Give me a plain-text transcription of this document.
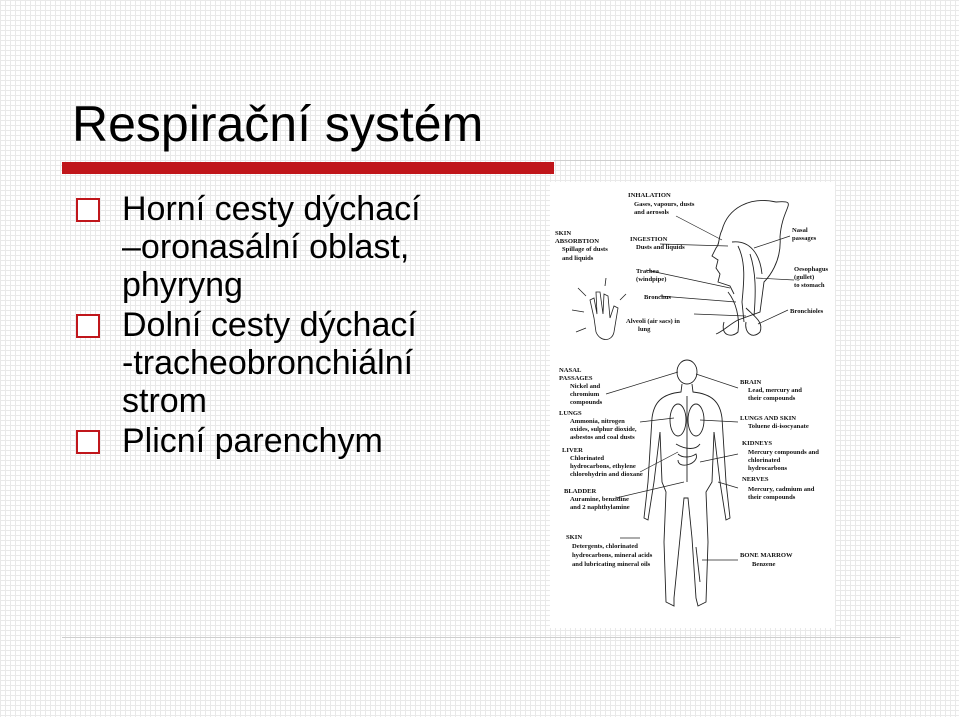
Respirační systém
Horní cesty dýchací
–oronasální oblast,
phyryng
Dolní cesty dýchací
-tracheobronchiální
strom
Plicní parenchym
INHALATION
Gases, vapours, dusts
and aerosols
SKIN
ABSORBTION
Spillage of dusts
and liquids
INGESTION
Dusts and liquids
Trachea
(windpipe)
Bronchus
Alveoli (air sacs) in
lung
Nasal
passages
Oesophagus
(gullet)
to stomach
Bronchioles
NASAL
PASSAGES
Nickel and
chromium
compounds
LUNGS
Ammonia, nitrogen
oxides, sulphur dioxide,
asbestos and coal dusts
LIVER
Chlorinated
hydrocarbons, ethylene
chlorohydrin and dioxane
BLADDER
Auramine, benzidine
and 2 naphthylamine
SKIN
Detergents, chlorinated
hydrocarbons, mineral acids
and lubricating mineral oils
BRAIN
Lead, mercury and
their compounds
LUNGS AND SKIN
Toluene di-isocyanate
KIDNEYS
Mercury compounds and
chlorinated
hydrocarbons
NERVES
Mercury, cadmium and
their compounds
BONE MARROW
Benzene
